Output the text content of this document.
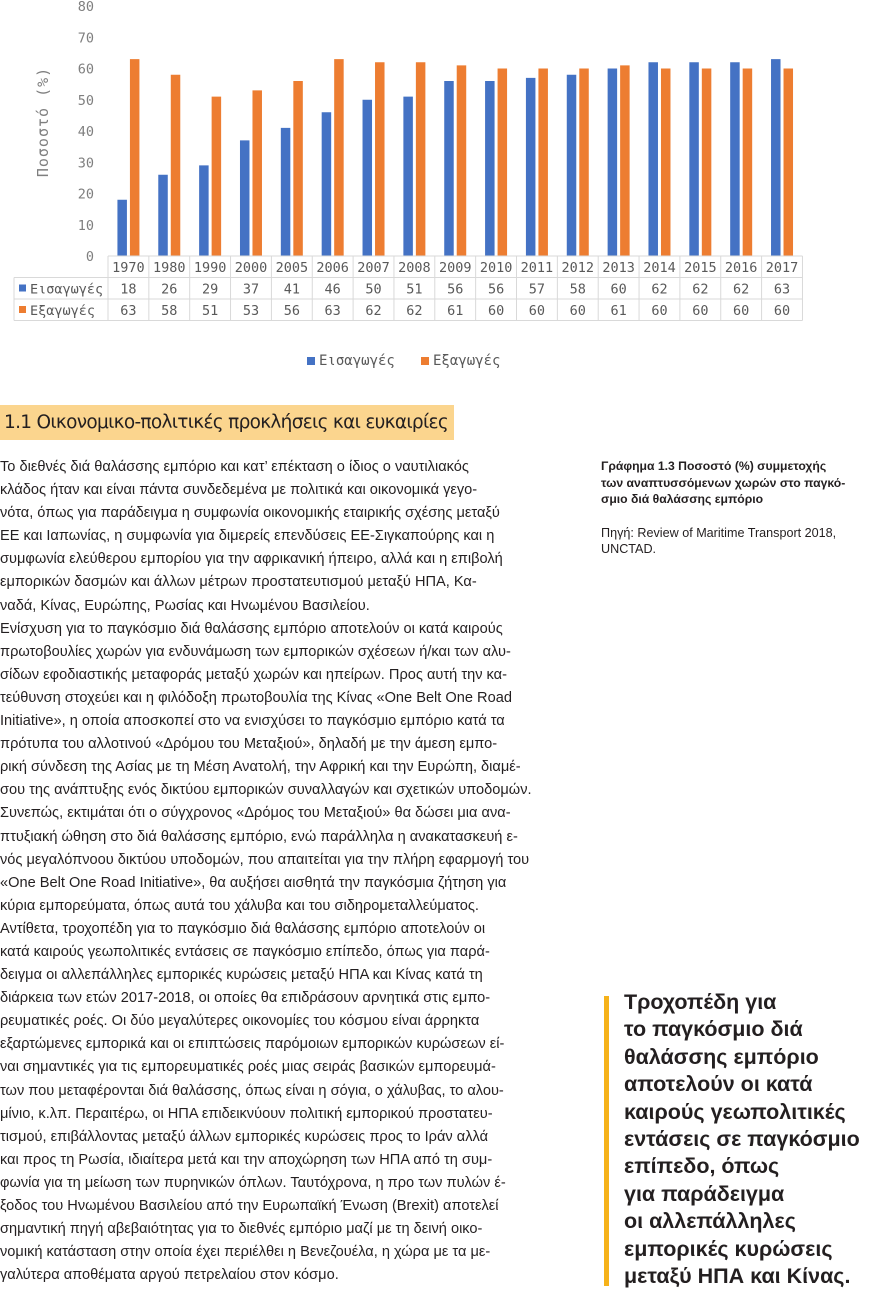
0
10
20
30
40
50
60
70
80
Ποσοστό (%)
1970 1980 1990 2000 2005 2006 2007 2008 2009 2010 2011 2012 2013 2014 2015 2016 2017
Εισαγωγές 18 26 29 37 41 46 50 51 56 56 57 58 60 62 62 62 63
Εξαγωγές 63 58 51 53 56 63 62 62 61 60 60 60 61 60 60 60 60
Εισαγωγές	Εξαγωγές
1.1 Οικονομικο-πολιτικές προκλήσεις και ευκαιρίες

Το διεθνές διά θαλάσσης εμπόριο και κατ’ επέκταση ο ίδιος ο ναυτιλιακός
κλάδος ήταν και είναι πάντα συνδεδεμένα με πολιτικά και οικονομικά γεγο-
νότα, όπως για παράδειγμα η συμφωνία οικονομικής εταιρικής σχέσης μεταξύ
ΕΕ και Ιαπωνίας, η συμφωνία για διμερείς επενδύσεις ΕΕ-Σιγκαπούρης και η
συμφωνία ελεύθερου εμπορίου για την αφρικανική ήπειρο, αλλά και η επιβολή
εμπορικών δασμών και άλλων μέτρων προστατευτισμού μεταξύ ΗΠΑ, Κα-
ναδά, Κίνας, Ευρώπης, Ρωσίας και Ηνωμένου Βασιλείου.

Ενίσχυση για το παγκόσμιο διά θαλάσσης εμπόριο αποτελούν οι κατά καιρούς
πρωτοβουλίες χωρών για ενδυνάμωση των εμπορικών σχέσεων ή/και των αλυ-
σίδων εφοδιαστικής μεταφοράς μεταξύ χωρών και ηπείρων. Προς αυτή την κα-
τεύθυνση στοχεύει και η φιλόδοξη πρωτοβουλία της Κίνας «One Belt One Road
Initiative», η οποία αποσκοπεί στο να ενισχύσει το παγκόσμιο εμπόριο κατά τα
πρότυπα του αλλοτινού «Δρόμου του Μεταξιού», δηλαδή με την άμεση εμπο-
ρική σύνδεση της Ασίας με τη Μέση Ανατολή, την Αφρική και την Ευρώπη, διαμέ-
σου της ανάπτυξης ενός δικτύου εμπορικών συναλλαγών και σχετικών υποδομών.
Συνεπώς, εκτιμάται ότι ο σύγχρονος «Δρόμος του Μεταξιού» θα δώσει μια ανα-
πτυξιακή ώθηση στο διά θαλάσσης εμπόριο, ενώ παράλληλα η ανακατασκευή ε-
νός μεγαλόπνοου δικτύου υποδομών, που απαιτείται για την πλήρη εφαρμογή του
«One Belt One Road Initiative», θα αυξήσει αισθητά την παγκόσμια ζήτηση για
κύρια εμπορεύματα, όπως αυτά του χάλυβα και του σιδηρομεταλλεύματος.

Αντίθετα, τροχοπέδη για το παγκόσμιο διά θαλάσσης εμπόριο αποτελούν οι
κατά καιρούς γεωπολιτικές εντάσεις σε παγκόσμιο επίπεδο, όπως για παρά-
δειγμα οι αλλεπάλληλες εμπορικές κυρώσεις μεταξύ ΗΠΑ και Κίνας κατά τη
διάρκεια των ετών 2017-2018, οι οποίες θα επιδράσουν αρνητικά στις εμπο-
ρευματικές ροές. Οι δύο μεγαλύτερες οικονομίες του κόσμου είναι άρρηκτα
εξαρτώμενες εμπορικά και οι επιπτώσεις παρόμοιων εμπορικών κυρώσεων εί-
ναι σημαντικές για τις εμπορευματικές ροές μιας σειράς βασικών εμπορευμά-
των που μεταφέρονται διά θαλάσσης, όπως είναι η σόγια, ο χάλυβας, το αλου-
μίνιο, κ.λπ. Περαιτέρω, οι ΗΠΑ επιδεικνύουν πολιτική εμπορικού προστατευ-
τισμού, επιβάλλοντας μεταξύ άλλων εμπορικές κυρώσεις προς το Ιράν αλλά
και προς τη Ρωσία, ιδιαίτερα μετά και την αποχώρηση των ΗΠΑ από τη συμ-
φωνία για τη μείωση των πυρηνικών όπλων. Ταυτόχρονα, η προ των πυλών έ-
ξοδος του Ηνωμένου Βασιλείου από την Ευρωπαϊκή Ένωση (Brexit) αποτελεί
σημαντική πηγή αβεβαιότητας για το διεθνές εμπόριο μαζί με τη δεινή οικο-
νομική κατάσταση στην οποία έχει περιέλθει η Βενεζουέλα, η χώρα με τα με-
γαλύτερα αποθέματα αργού πετρελαίου στον κόσμο.

Γράφημα 1.3 Ποσοστό (%) συμμετοχής
των αναπτυσσόμενων χωρών στο παγκό-
σμιο διά θαλάσσης εμπόριο

Πηγή: Review of Maritime Transport 2018,
UNCTAD.

Τροχοπέδη για
το παγκόσμιο διά
θαλάσσης εμπόριο
αποτελούν οι κατά
καιρούς γεωπολιτικές
εντάσεις σε παγκόσμιο
επίπεδο, όπως
για παράδειγμα
οι αλλεπάλληλες
εμπορικές κυρώσεις
μεταξύ ΗΠΑ και Κίνας.
